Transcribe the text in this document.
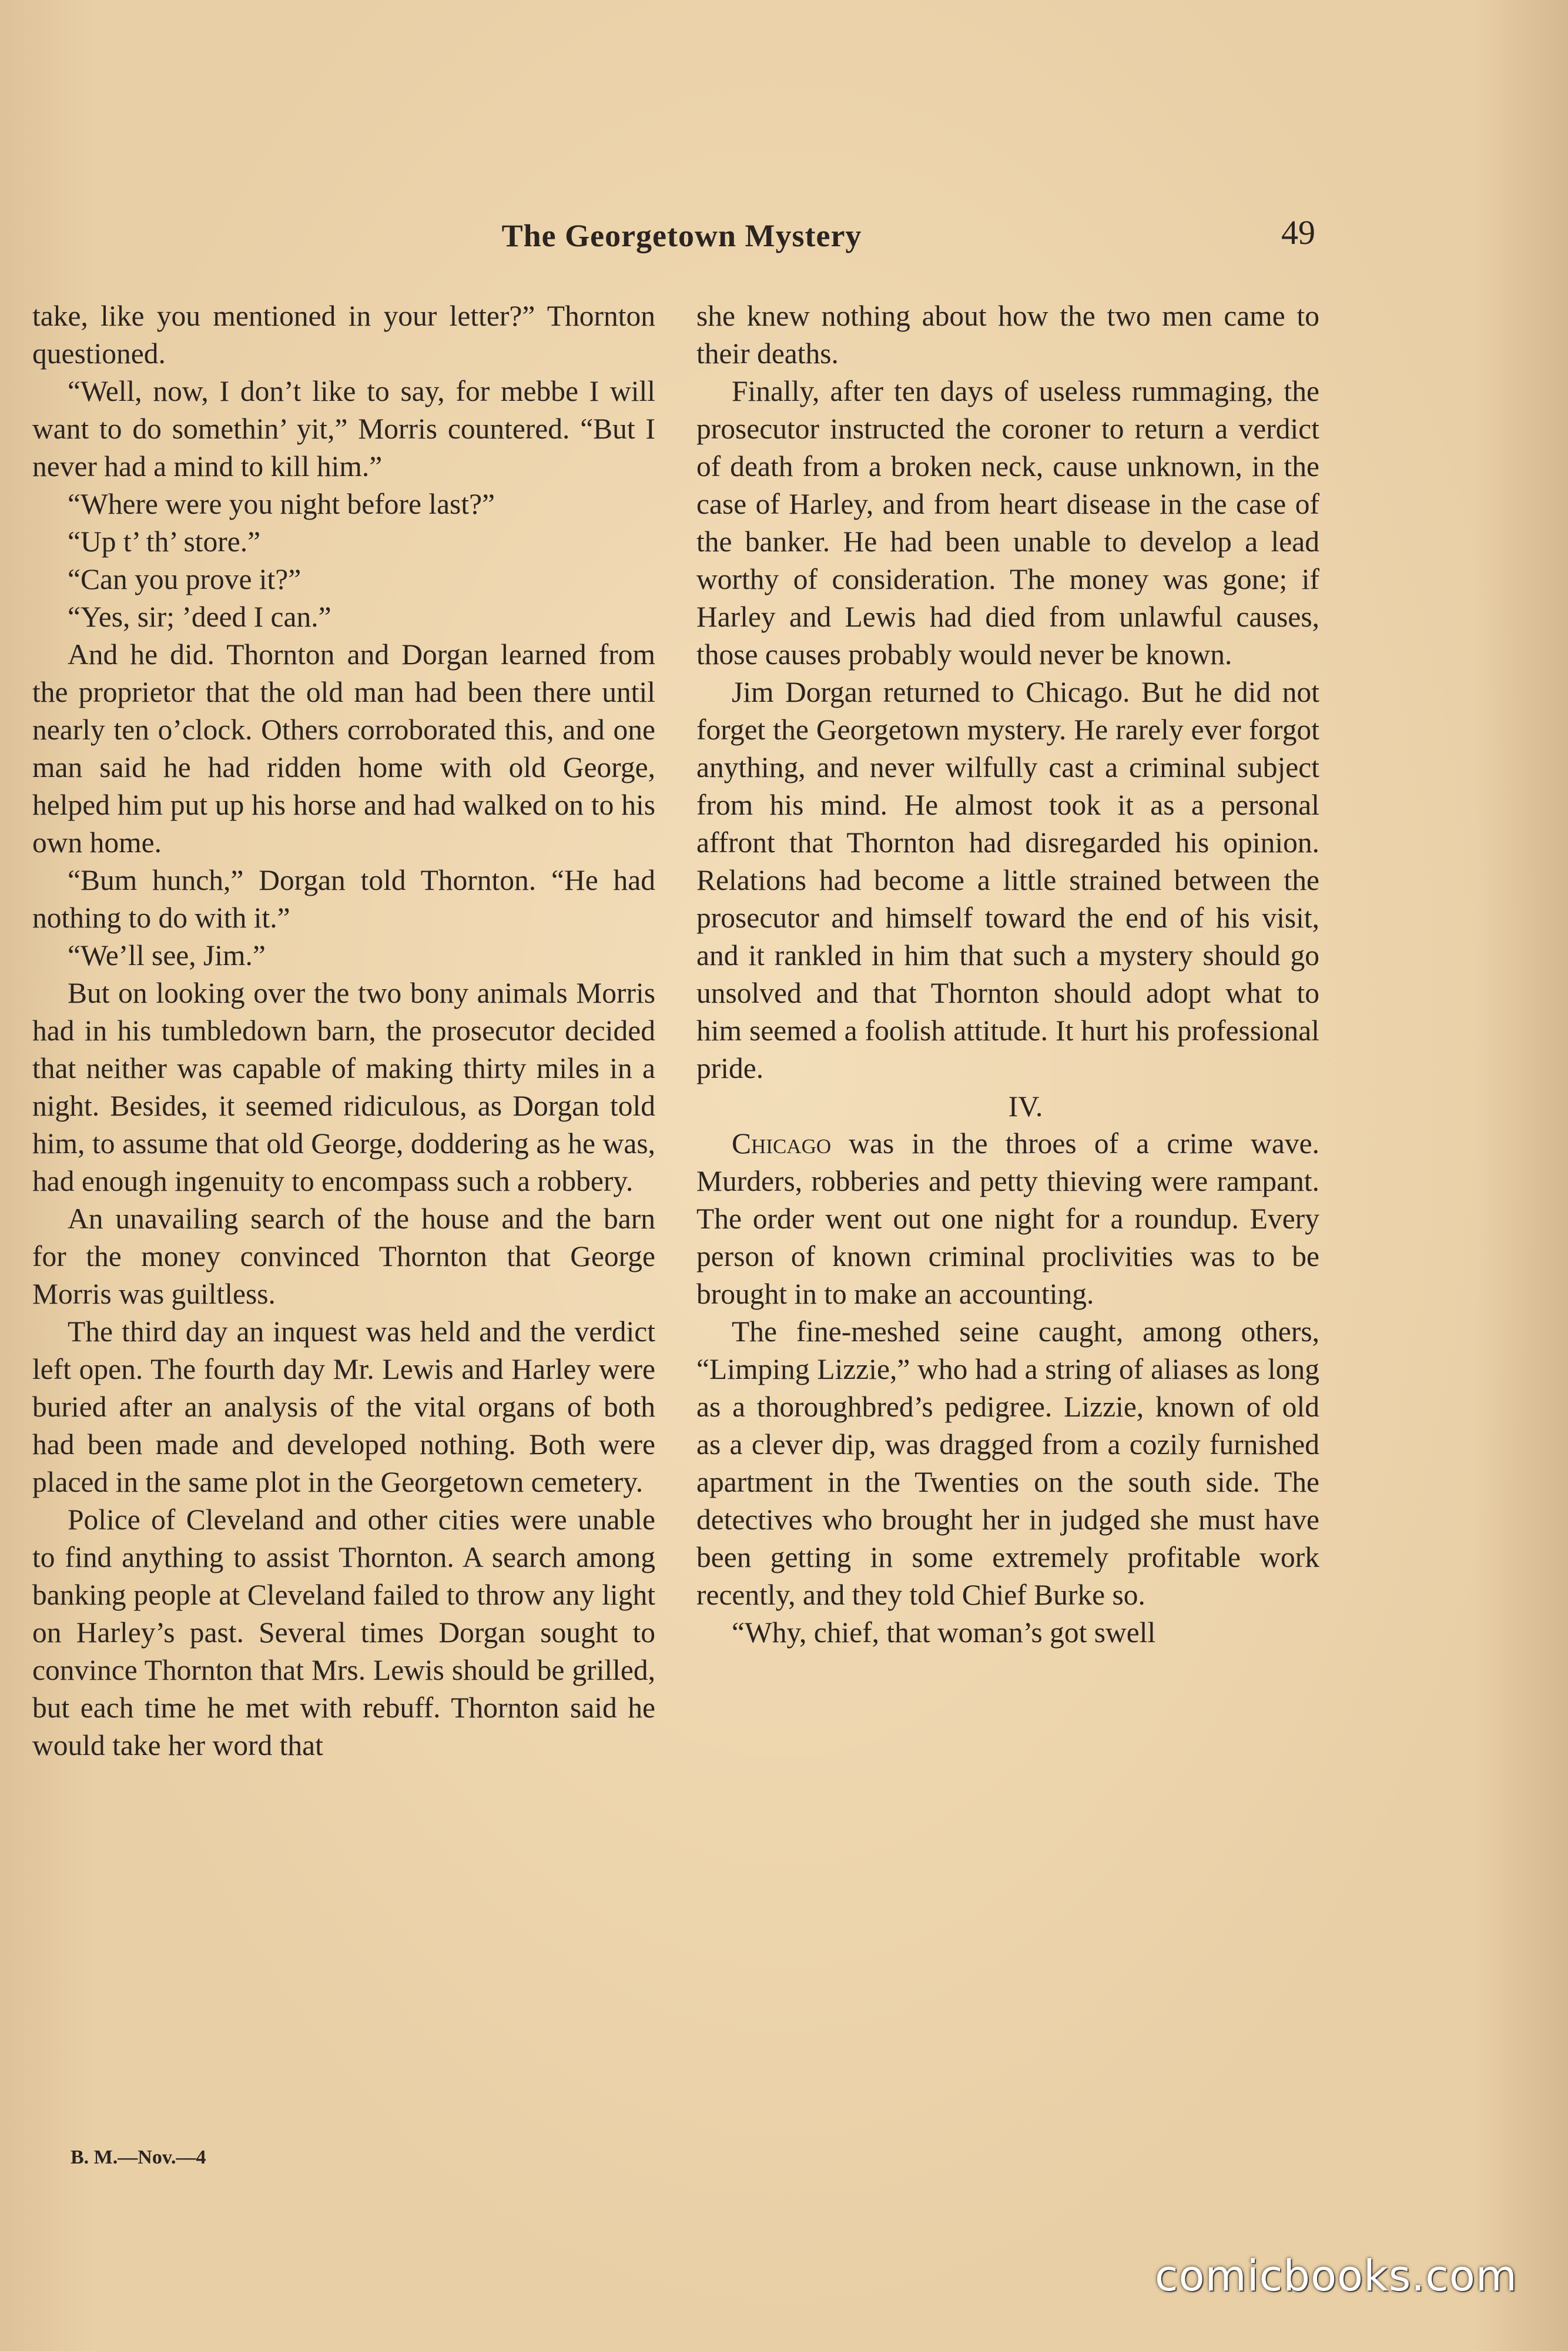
The Georgetown Mystery	49

take, like you mentioned in your letter?” Thornton questioned.

“Well, now, I don’t like to say, for mebbe I will want to do somethin’ yit,” Morris countered. “But I never had a mind to kill him.”

“Where were you night before last?”

“Up t’ th’ store.”

“Can you prove it?”

“Yes, sir; ’deed I can.”

And he did. Thornton and Dorgan learned from the proprietor that the old man had been there until nearly ten o’clock. Others corroborated this, and one man said he had ridden home with old George, helped him put up his horse and had walked on to his own home.

“Bum hunch,” Dorgan told Thornton. “He had nothing to do with it.”

“We’ll see, Jim.”

But on looking over the two bony animals Morris had in his tumbledown barn, the prosecutor decided that neither was capable of making thirty miles in a night. Besides, it seemed ridiculous, as Dorgan told him, to assume that old George, doddering as he was, had enough ingenuity to encompass such a robbery.

An unavailing search of the house and the barn for the money convinced Thornton that George Morris was guiltless.

The third day an inquest was held and the verdict left open. The fourth day Mr. Lewis and Harley were buried after an analysis of the vital organs of both had been made and developed nothing. Both were placed in the same plot in the Georgetown cemetery.

Police of Cleveland and other cities were unable to find anything to assist Thornton. A search among banking people at Cleveland failed to throw any light on Harley’s past. Several times Dorgan sought to convince Thornton that Mrs. Lewis should be grilled, but each time he met with rebuff. Thornton said he would take her word that

she knew nothing about how the two men came to their deaths.

Finally, after ten days of useless rummaging, the prosecutor instructed the coroner to return a verdict of death from a broken neck, cause unknown, in the case of Harley, and from heart disease in the case of the banker. He had been unable to develop a lead worthy of consideration. The money was gone; if Harley and Lewis had died from unlawful causes, those causes probably would never be known.

Jim Dorgan returned to Chicago. But he did not forget the Georgetown mystery. He rarely ever forgot anything, and never wilfully cast a criminal subject from his mind. He almost took it as a personal affront that Thornton had disregarded his opinion. Relations had become a little strained between the prosecutor and himself toward the end of his visit, and it rankled in him that such a mystery should go unsolved and that Thornton should adopt what to him seemed a foolish attitude. It hurt his professional pride.

IV.

Chicago was in the throes of a crime wave. Murders, robberies and petty thieving were rampant. The order went out one night for a roundup. Every person of known criminal proclivities was to be brought in to make an accounting.

The fine-meshed seine caught, among others, “Limping Lizzie,” who had a string of aliases as long as a thoroughbred’s pedigree. Lizzie, known of old as a clever dip, was dragged from a cozily furnished apartment in the Twenties on the south side. The detectives who brought her in judged she must have been getting in some extremely profitable work recently, and they told Chief Burke so.

“Why, chief, that woman’s got swell

B. M.—Nov.—4
comicbooks.com
